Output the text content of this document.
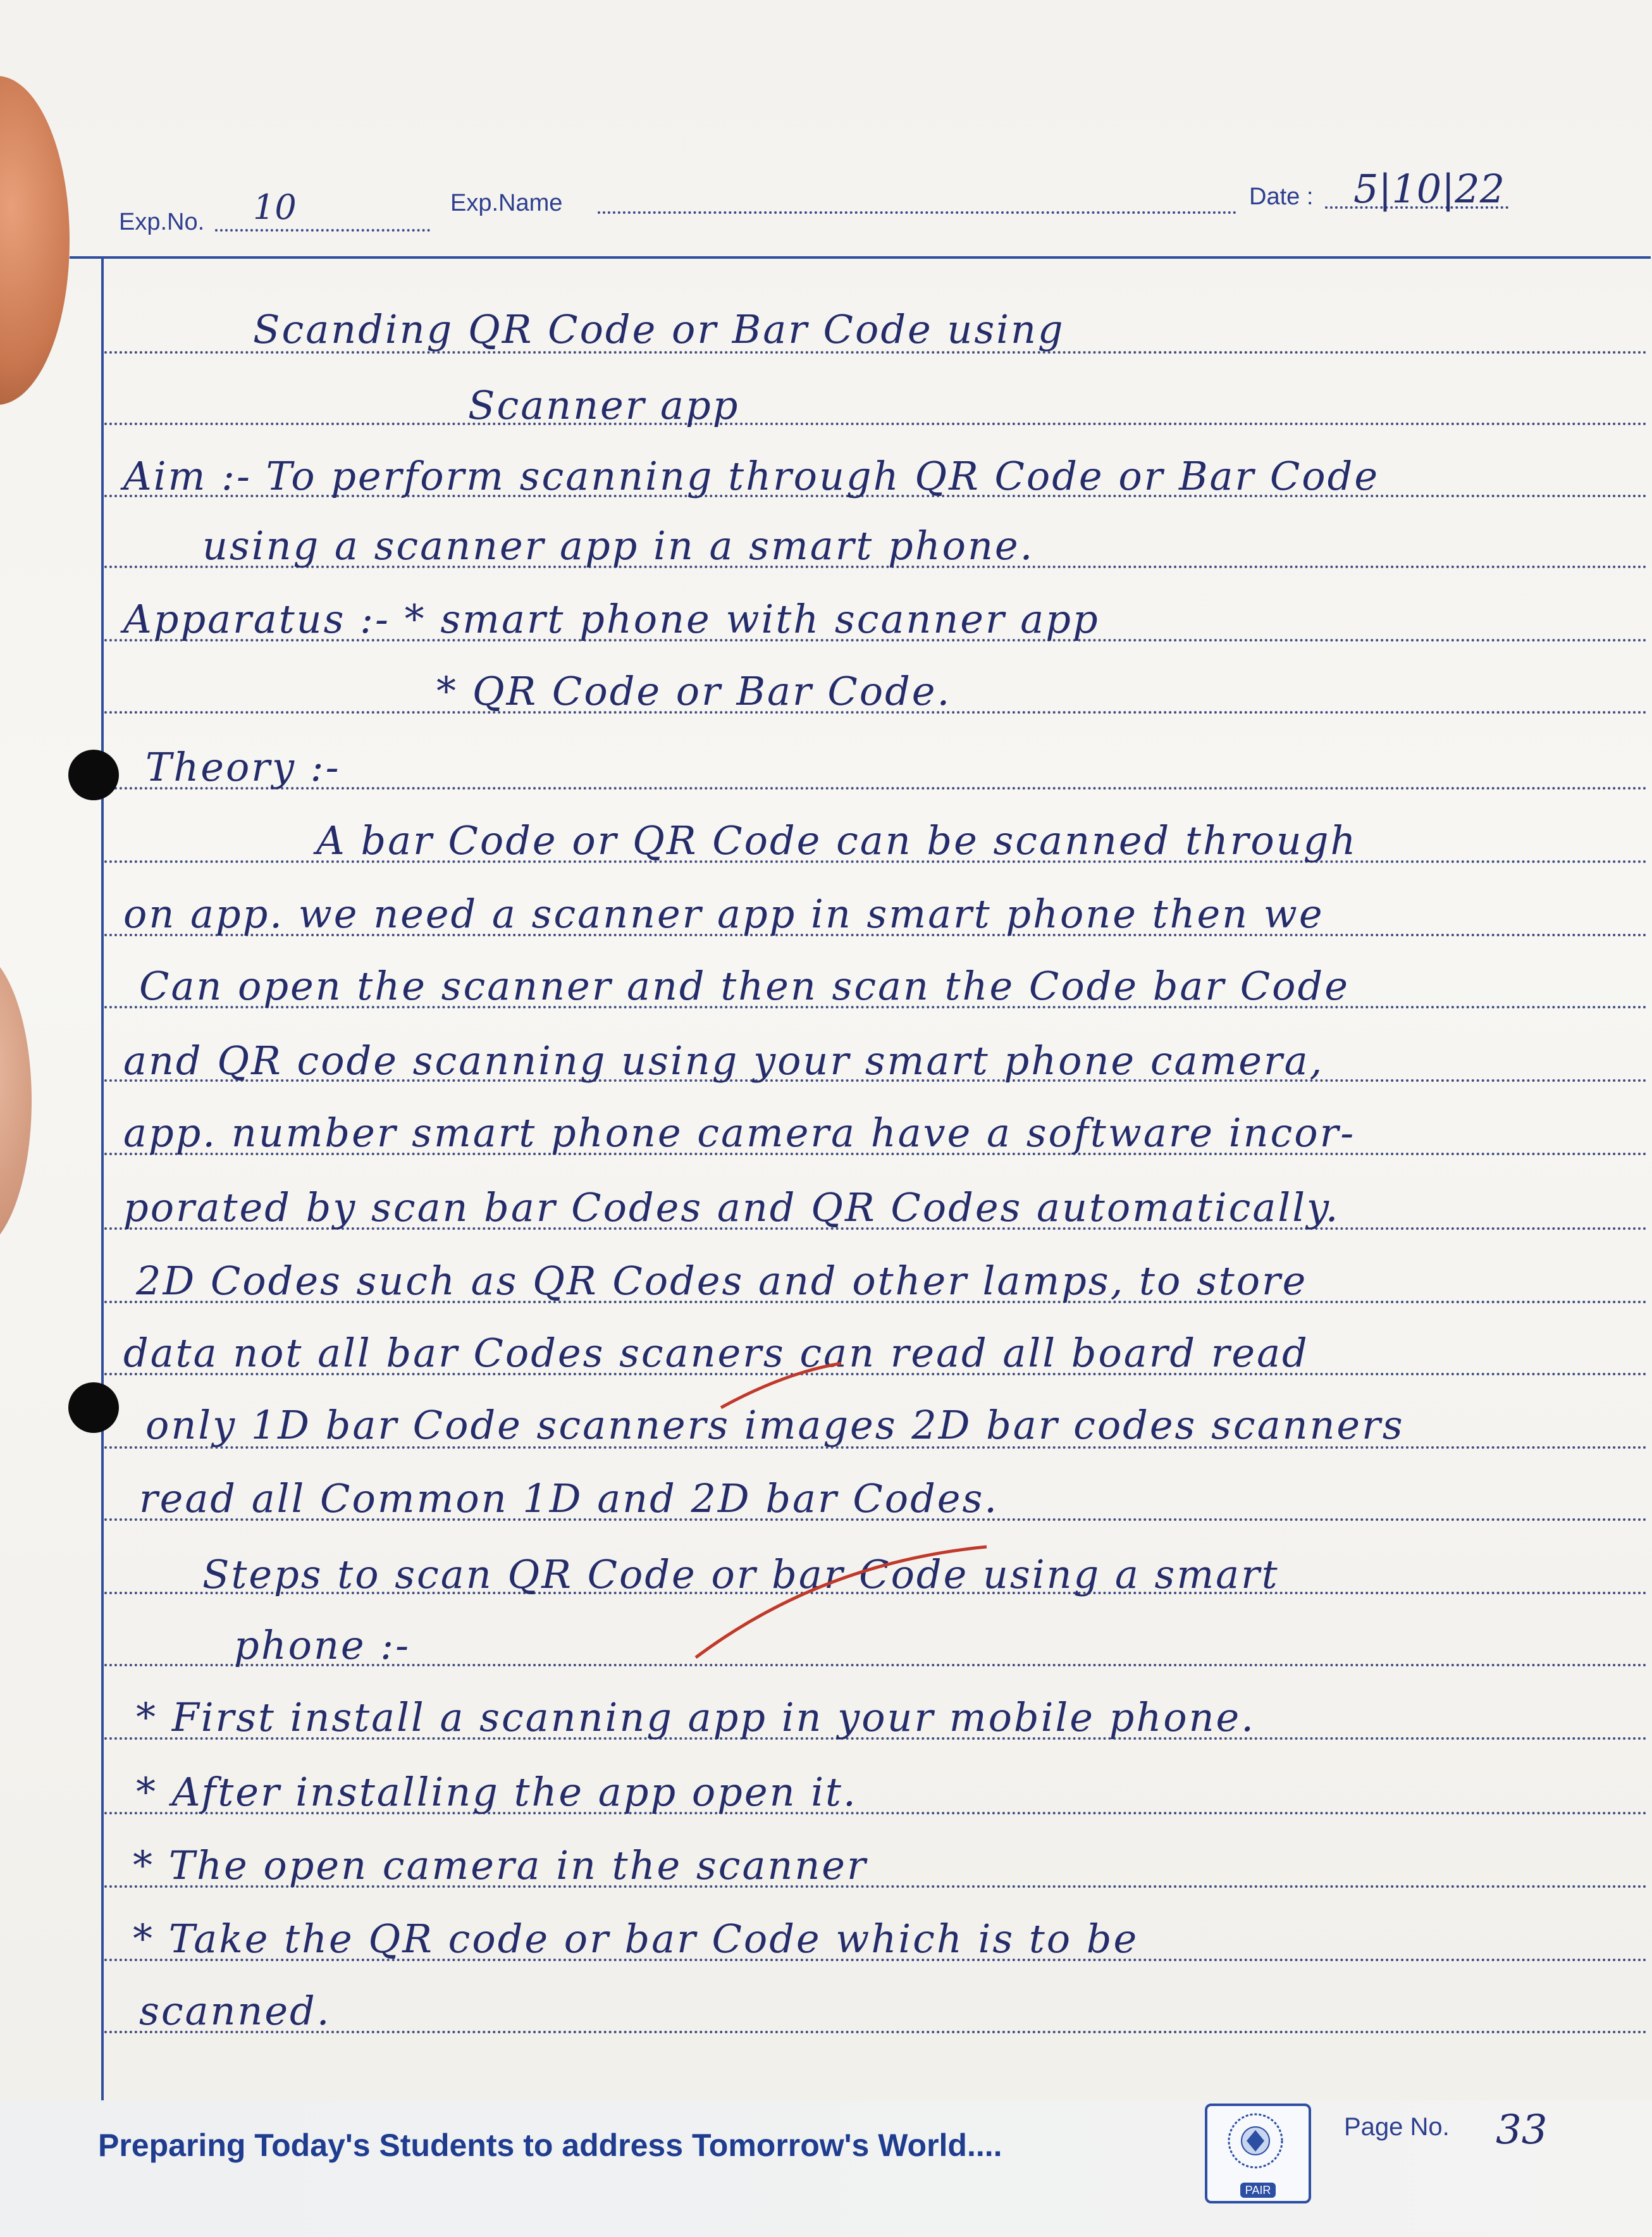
Exp.No. 10	Exp.Name	Date : 5|10|22
Scanding QR Code or Bar Code using
Scanner app
Aim :- To perform scanning through QR Code or Bar Code
using a scanner app in a smart phone.
Apparatus :- * smart phone with scanner app
* QR Code or Bar Code.
Theory :-
A bar Code or QR Code can be scanned through
on app. we need a scanner app in smart phone then we
Can open the scanner and then scan the Code bar Code
and QR code scanning using your smart phone camera,
app. number smart phone camera have a software incor-
porated by scan bar Codes and QR Codes automatically.
2D Codes such as QR Codes and other lamps, to store
data not all bar Codes scaners can read all board read
only 1D bar Code scanners images 2D bar codes scanners
read all Common 1D and 2D bar Codes.
Steps to scan QR Code or bar Code using a smart
phone :-
* First install a scanning app in your mobile phone.
* After installing the app open it.
* The open camera in the scanner
* Take the QR code or bar Code which is to be
scanned.
Preparing Today's Students to address Tomorrow's World....
PAIR
Page No. 33
